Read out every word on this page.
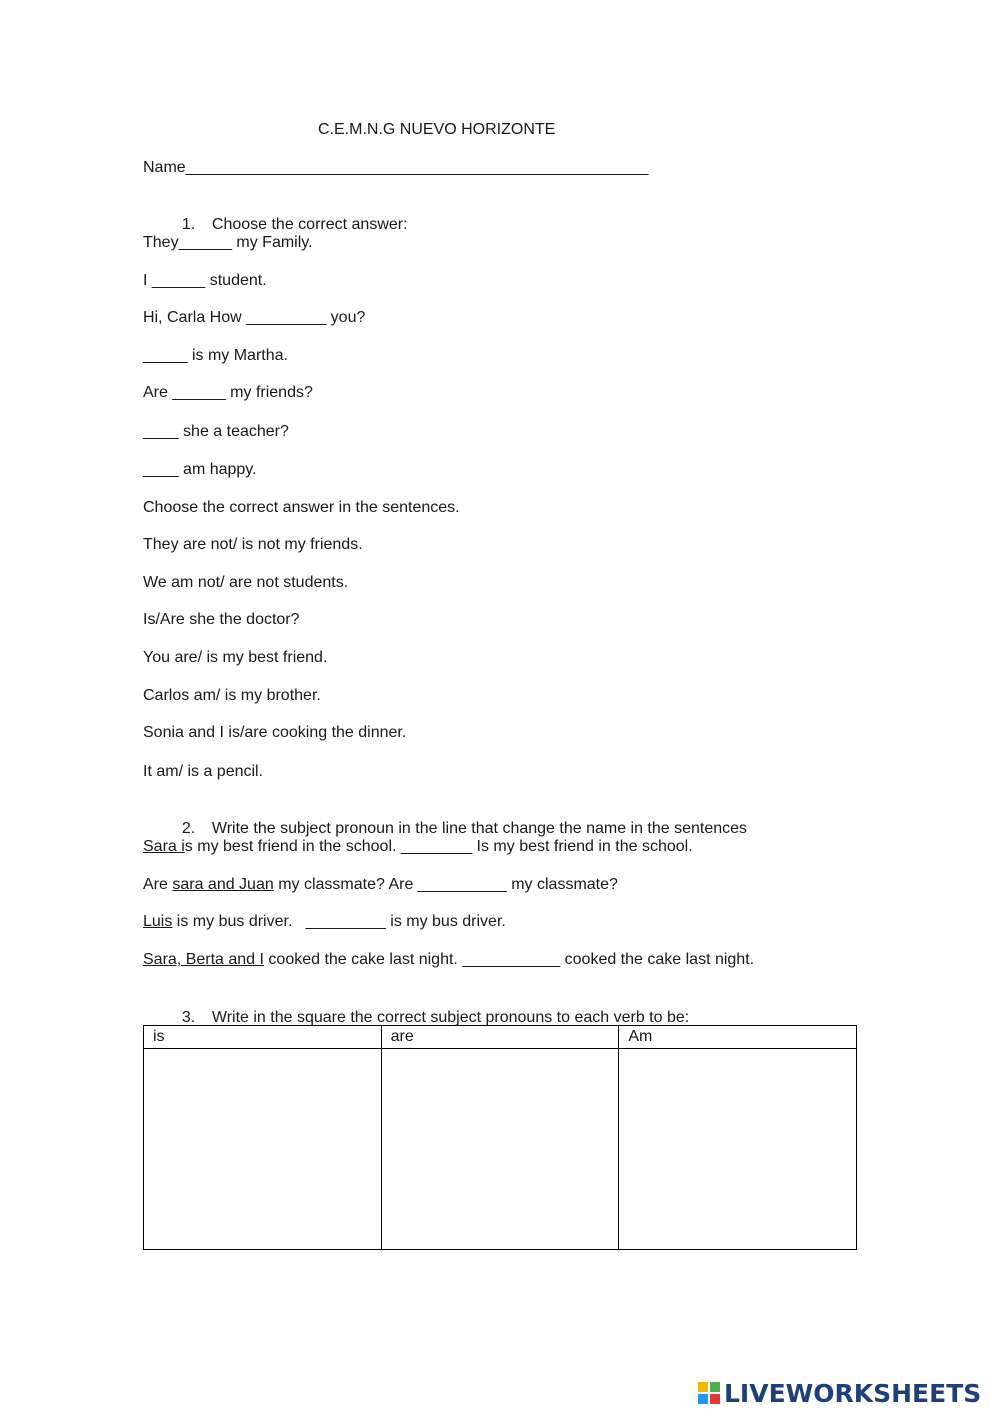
C.E.M.N.G NUEVO HORIZONTE
Name____________________________________________________

1. Choose the correct answer:

They______ my Family.
I ______ student.
Hi, Carla How _________ you?
_____ is my Martha.
Are ______ my friends?
____ she a teacher?
____ am happy.
Choose the correct answer in the sentences.
They are not/ is not my friends.
We am not/ are not students.
Is/Are she the doctor?
You are/ is my best friend.
Carlos am/ is my brother.
Sonia and I is/are cooking the dinner.
It am/ is a pencil.

2. Write the subject pronoun in the line that change the name in the sentences

Sara is my best friend in the school. ________ Is my best friend in the school.
Are sara and Juan my classmate? Are __________ my classmate?
Luis is my bus driver.   _________ is my bus driver.
Sara, Berta and I cooked the cake last night. ___________ cooked the cake last night.

3. Write in the square the correct subject pronouns to each verb to be:

is	are	Am

LIVEWORKSHEETS
